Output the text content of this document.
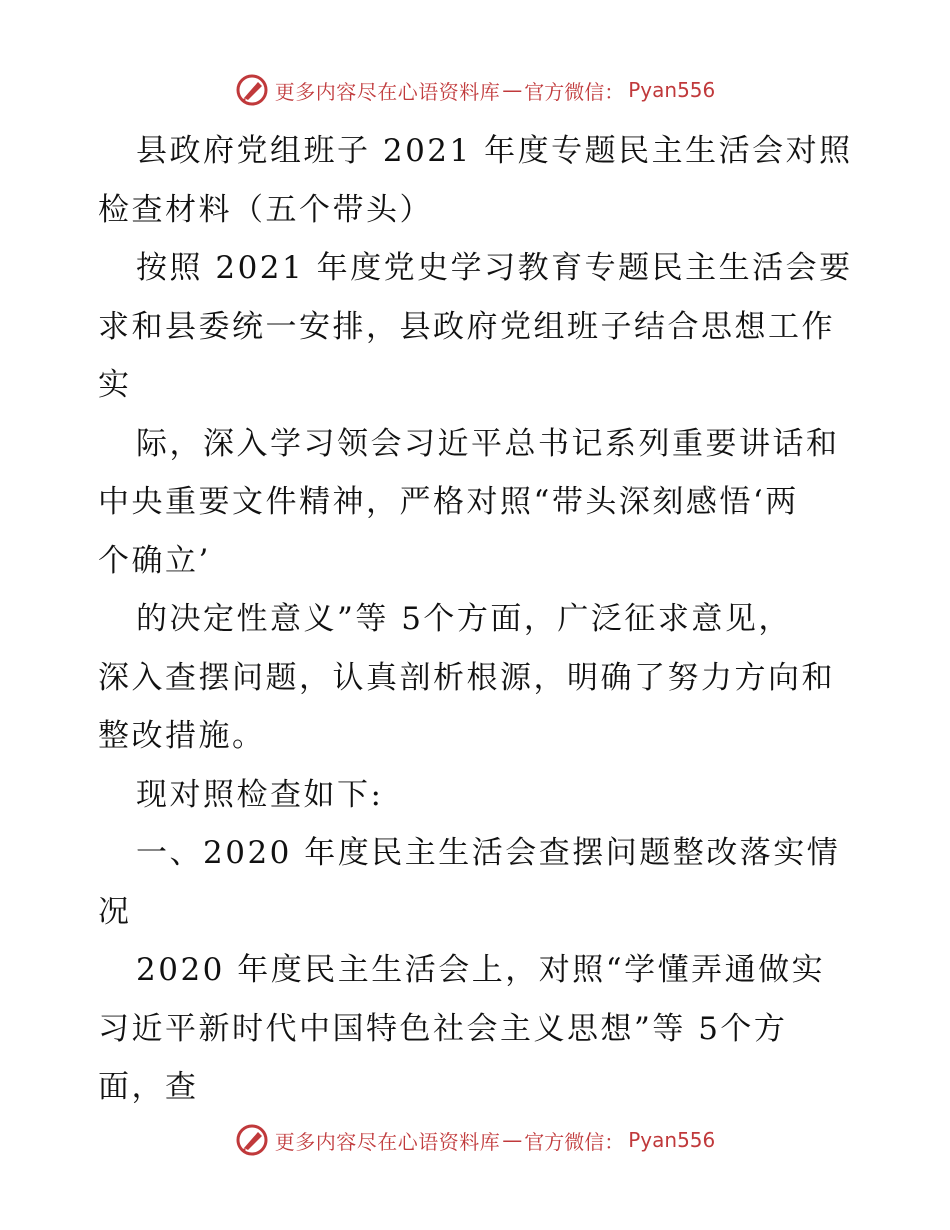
更多内容尽在心语资料库 — 官方微信： Pyan556
县政府党组班子 2021 年度专题民主生活会对照
检查材料（五个带头）
按照 2021 年度党史学习教育专题民主生活会要
求和县委统一安排，县政府党组班子结合思想工作
实
际，深入学习领会习近平总书记系列重要讲话和
中央重要文件精神，严格对照“带头深刻感悟‘两
个确立’
的决定性意义”等 5个方面，广泛征求意见，
深入查摆问题，认真剖析根源，明确了努力方向和
整改措施。
现对照检查如下:
一、2020 年度民主生活会查摆问题整改落实情
况
2020 年度民主生活会上，对照“学懂弄通做实
习近平新时代中国特色社会主义思想”等 5个方
面，查
更多内容尽在心语资料库 — 官方微信： Pyan556
